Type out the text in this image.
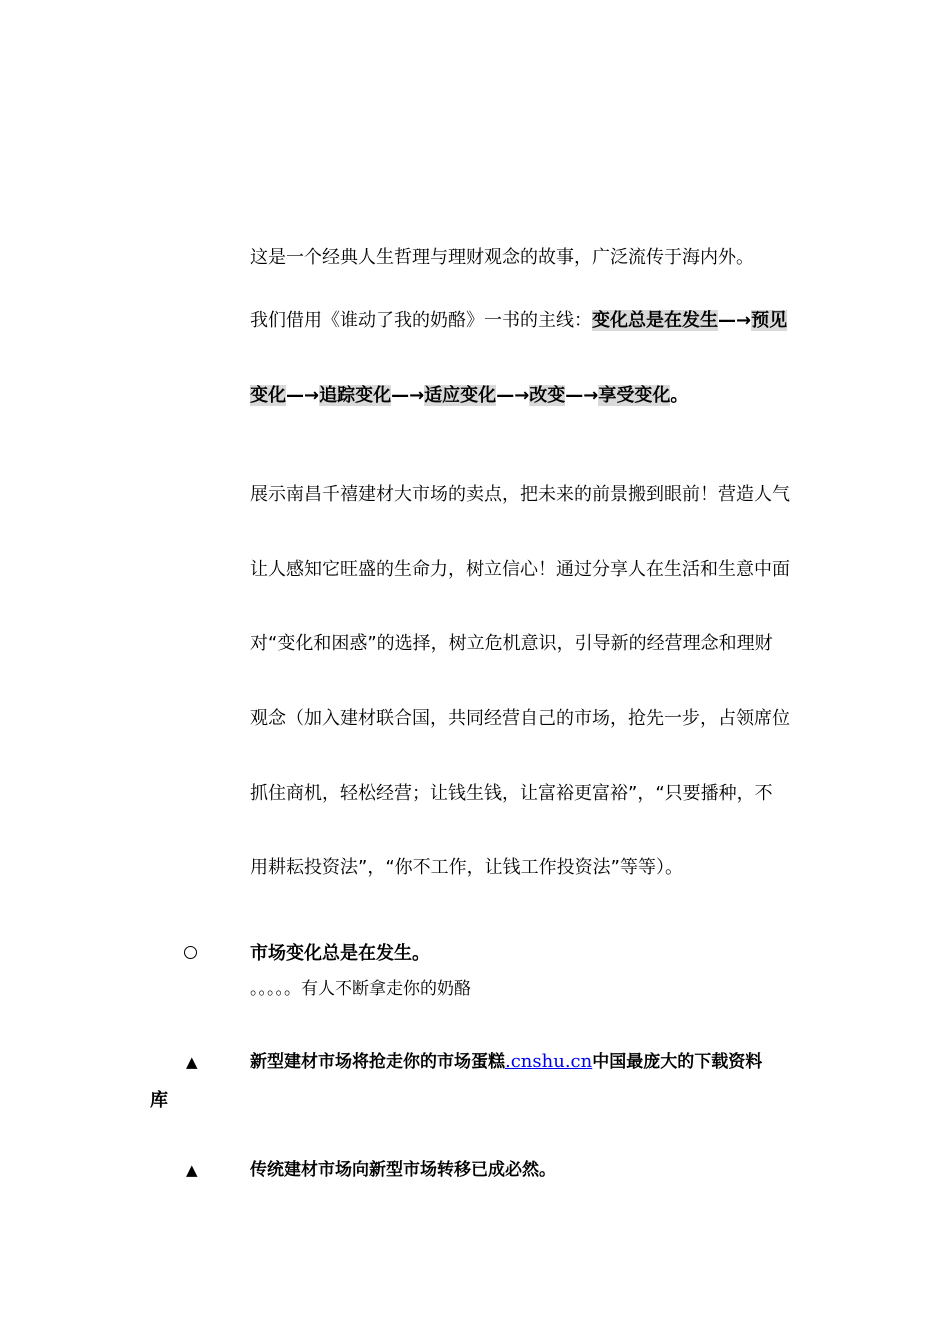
这是一个经典人生哲理与理财观念的故事，广泛流传于海内外。
我们借用《谁动了我的奶酪》一书的主线：变化总是在发生—→预见
变化—→追踪变化—→适应变化—→改变—→享受变化。
展示南昌千禧建材大市场的卖点，把未来的前景搬到眼前！营造人气
让人感知它旺盛的生命力，树立信心！通过分享人在生活和生意中面
对“变化和困惑”的选择，树立危机意识，引导新的经营理念和理财
观念（加入建材联合国，共同经营自己的市场，抢先一步，占领席位
抓住商机，轻松经营；让钱生钱，让富裕更富裕”，“只要播种，不
用耕耘投资法”，“你不工作，让钱工作投资法”等等）。
市场变化总是在发生。
。。。。。有人不断拿走你的奶酪
▲	新型建材市场将抢走你的市场蛋糕.cnshu.cn中国最庞大的下载资料
库
▲	传统建材市场向新型市场转移已成必然。
